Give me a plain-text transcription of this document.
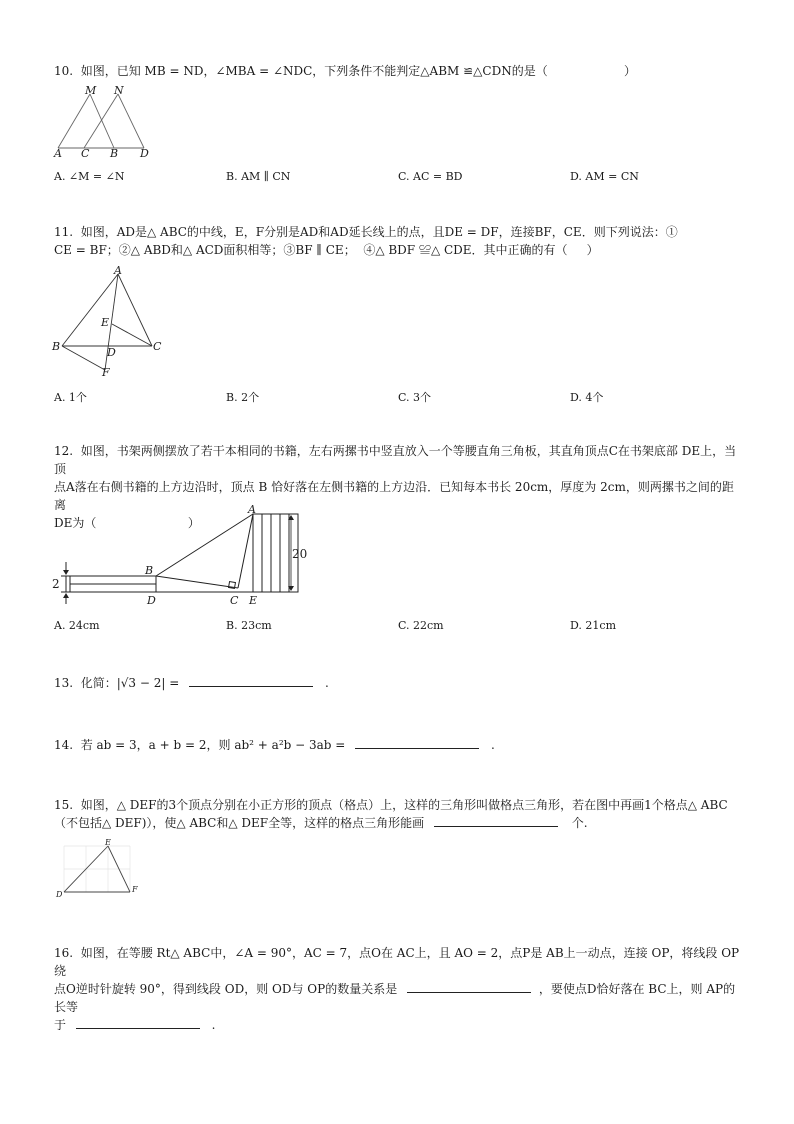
10.  如图，已知 MB = ND，∠MBA = ∠NDC，下列条件不能判定△ABM ≌△CDN的是（                    ）
M N
A C B D
A. ∠M = ∠N	B. AM ∥ CN	C. AC = BD	D. AM = CN
11.  如图，AD是△ ABC的中线，E，F分别是AD和AD延长线上的点，且DE = DF，连接BF，CE．则下列说法：①
CE = BF；②△ ABD和△ ACD面积相等；③BF ∥ CE；  ④△ BDF ≌△ CDE．其中正确的有（     ）
A
E
B	D	C
F
A. 1个	B. 2个	C. 3个	D. 4个
12.  如图，书架两侧摆放了若干本相同的书籍，左右两摞书中竖直放入一个等腰直角三角板，其直角顶点C在书架底部 DE上，当顶
点A落在右侧书籍的上方边沿时，顶点 B 恰好落在左侧书籍的上方边沿．已知每本书长 20cm，厚度为 2cm，则两摞书之间的距离
DE为（                        ）
A
B
D	C E
2
20
A. 24cm	B. 23cm	C. 22cm	D. 21cm
13.  化简：|√3 − 2| =	.
14.  若 ab = 3，a + b = 2，则 ab² + a²b − 3ab =	.
15.  如图，△ DEF的3个顶点分别在小正方形的顶点（格点）上，这样的三角形叫做格点三角形，若在图中再画1个格点△ ABC
（不包括△ DEF)），使△ ABC和△ DEF全等，这样的格点三角形能画	个.
E
D
F
16.  如图，在等腰 Rt△ ABC中，∠A = 90°，AC = 7，点O在 AC上，且 AO = 2，点P是 AB上一动点，连接 OP，将线段 OP绕
点O逆时针旋转 90°，得到线段 OD，则 OD与 OP的数量关系是	，要使点D恰好落在 BC上，则 AP的长等
于	.
